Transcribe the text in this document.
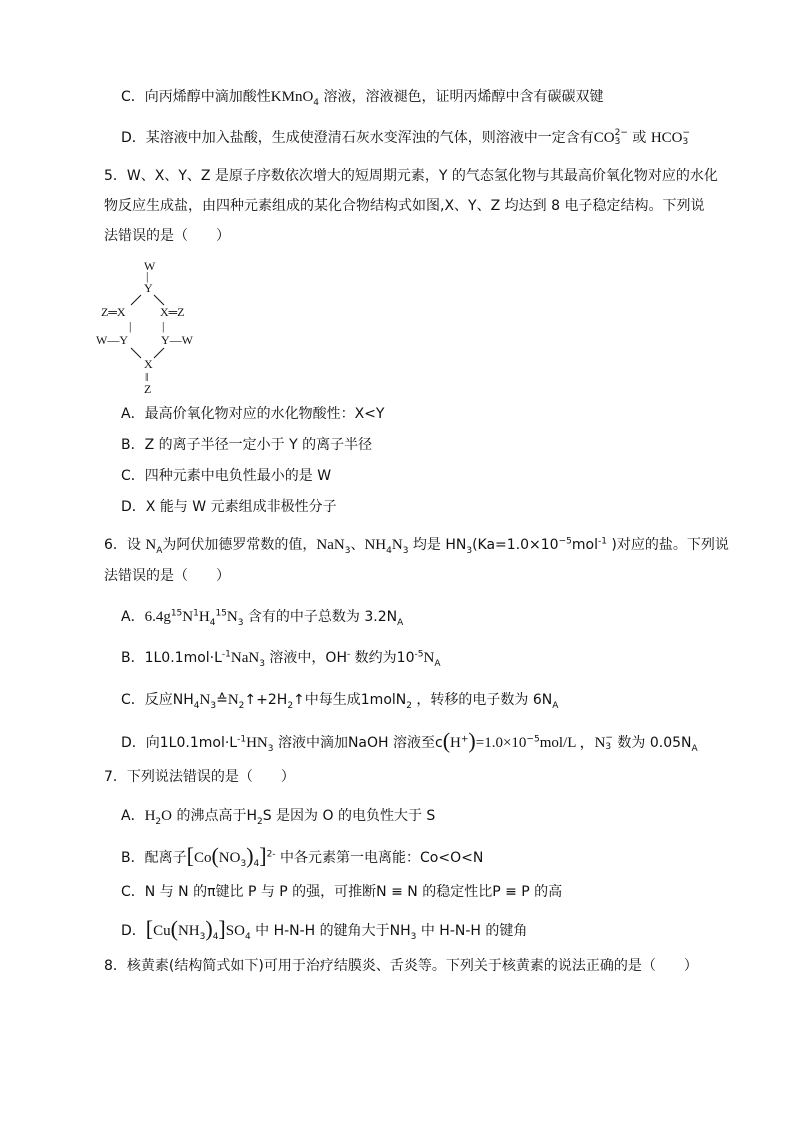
C．向丙烯醇中滴加酸性KMnO$_4$ 溶液，溶液褪色，证明丙烯醇中含有碳碳双键
D．某溶液中加入盐酸，生成使澄清石灰水变浑浊的气体，则溶液中一定含有CO 2−
3 或 HCO −
3
5．W、X、Y、Z 是原子序数依次增大的短周期元素，Y 的气态氢化物与其最高价氧化物对应的水化
物反应生成盐，由四种元素组成的某化合物结构式如图,X、Y、Z 均达到 8 电子稳定结构。下列说
法错误的是（　　）
W
|
Y
Z═X	X═Z
|	|
W—Y	Y—W
X
‖
Z
A．最高价氧化物对应的水化物酸性：X<Y
B．Z 的离子半径一定小于 Y 的离子半径
C．四种元素中电负性最小的是 W
D．X 能与 W 元素组成非极性分子
6．设 $N_A$为阿伏加德罗常数的值，NaN$_3$、$NH_4N_3$ 均是 $HN_3(Ka=1.0\times 10^{-5}mol^{-1}$ )对应的盐。下列说
法错误的是（　　）
A．$6.4g^{15}N^1H_4^{15}N_3$ 含有的中子总数为 $3.2N_A$
B．$1L0.1mol\cdot L^{-1}NaN_3$ 溶液中，OH- 数约为$10^{-5}N_A$
C．反应$NH_4N_3≙N_2↑+2H_2↑$中每生成1molN$_2$ ，转移的电子数为 $6N_A$
D．向$1L0.1mol\cdot L^{-1}HN_3$ 溶液中滴加NaOH 溶液至$c(H^+)=1.0\times 10^{-5}mol/L$ ，N −
3 数为 $0.05N_A$
7．下列说法错误的是（　　）
A．$H_2O$ 的沸点高于$H_2S$ 是因为 O 的电负性大于 S
B．配离子$[Co(NO_3)_4]^{2-}$ 中各元素第一电离能：Co<O<N
C．N 与 N 的π键比 P 与 P 的强，可推断N ≡ N 的稳定性比P ≡ P 的高
D．$[Cu(NH_3)_4]SO_4$ 中 H-N-H 的键角大于$NH_3$ 中 H-N-H 的键角
8．核黄素(结构简式如下)可用于治疗结膜炎、舌炎等。下列关于核黄素的说法正确的是（　　）
